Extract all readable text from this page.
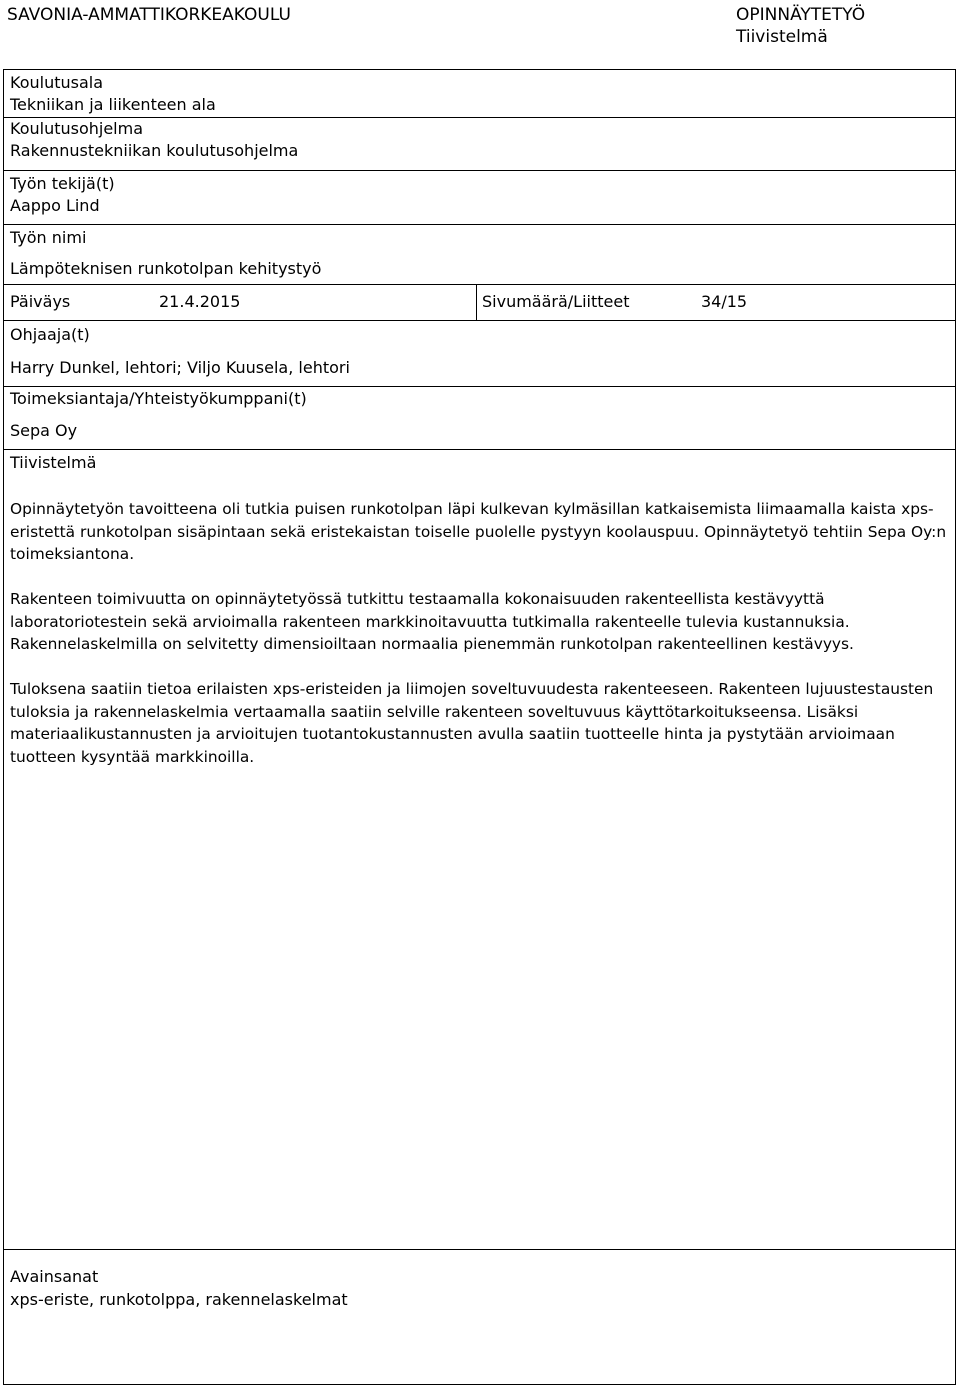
SAVONIA-AMMATTIKORKEAKOULU	OPINNÄYTETYÖ
Tiivistelmä
Koulutusala
Tekniikan ja liikenteen ala
Koulutusohjelma
Rakennustekniikan koulutusohjelma
Työn tekijä(t)
Aappo Lind
Työn nimi
Lämpöteknisen runkotolpan kehitystyö
Päiväys	21.4.2015	Sivumäärä/Liitteet	34/15
Ohjaaja(t)
Harry Dunkel, lehtori; Viljo Kuusela, lehtori
Toimeksiantaja/Yhteistyökumppani(t)
Sepa Oy
Tiivistelmä

Opinnäytetyön tavoitteena oli tutkia puisen runkotolpan läpi kulkevan kylmäsillan katkaisemista liimaamalla kaista xps-eristettä runkotolpan sisäpintaan sekä eristekaistan toiselle puolelle pystyyn koolauspuu. Opinnäytetyö tehtiin Sepa Oy:n toimeksiantona.

Rakenteen toimivuutta on opinnäytetyössä tutkittu testaamalla kokonaisuuden rakenteellista kestävyyttä laboratoriotestein sekä arvioimalla rakenteen markkinoitavuutta tutkimalla rakenteelle tulevia kustannuksia. Rakennelaskelmilla on selvitetty dimensioiltaan normaalia pienemmän runkotolpan rakenteellinen kestävyys.

Tuloksena saatiin tietoa erilaisten xps-eristeiden ja liimojen soveltuvuudesta rakenteeseen. Rakenteen lujuustestausten tuloksia ja rakennelaskelmia vertaamalla saatiin selville rakenteen soveltuvuus käyttötarkoitukseensa. Lisäksi materiaalikustannusten ja arvioitujen tuotantokustannusten avulla saatiin tuotteelle hinta ja pystytään arvioimaan tuotteen kysyntää markkinoilla.

Avainsanat
xps-eriste, runkotolppa, rakennelaskelmat
